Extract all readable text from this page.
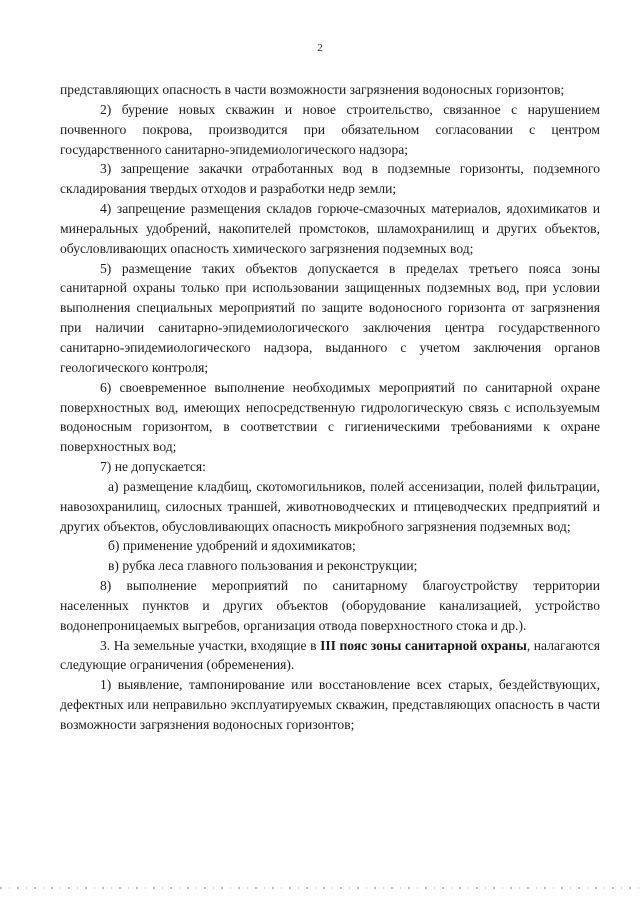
2

представляющих опасность в части возможности загрязнения водоносных горизонтов;

2) бурение новых скважин и новое строительство, связанное с нарушением почвенного покрова, производится при обязательном согласовании с центром государственного санитарно-эпидемиологического надзора;

3) запрещение закачки отработанных вод в подземные горизонты, подземного складирования твердых отходов и разработки недр земли;

4) запрещение размещения складов горюче-смазочных материалов, ядохимикатов и минеральных удобрений, накопителей промстоков, шламохранилищ и других объектов, обусловливающих опасность химического загрязнения подземных вод;

5) размещение таких объектов допускается в пределах третьего пояса зоны санитарной охраны только при использовании защищенных подземных вод, при условии выполнения специальных мероприятий по защите водоносного горизонта от загрязнения при наличии санитарно-эпидемиологического заключения центра государственного санитарно-эпидемиологического надзора, выданного с учетом заключения органов геологического контроля;

6) своевременное выполнение необходимых мероприятий по санитарной охране поверхностных вод, имеющих непосредственную гидрологическую связь с используемым водоносным горизонтом, в соответствии с гигиеническими требованиями к охране поверхностных вод;

7) не допускается:

а) размещение кладбищ, скотомогильников, полей ассенизации, полей фильтрации, навозохранилищ, силосных траншей, животноводческих и птицеводческих предприятий и других объектов, обусловливающих опасность микробного загрязнения подземных вод;

б) применение удобрений и ядохимикатов;

в) рубка леса главного пользования и реконструкции;

8) выполнение мероприятий по санитарному благоустройству территории населенных пунктов и других объектов (оборудование канализацией, устройство водонепроницаемых выгребов, организация отвода поверхностного стока и др.).

3. На земельные участки, входящие в III пояс зоны санитарной охраны, налагаются следующие ограничения (обременения).

1) выявление, тампонирование или восстановление всех старых, бездействующих, дефектных или неправильно эксплуатируемых скважин, представляющих опасность в части возможности загрязнения водоносных горизонтов;
